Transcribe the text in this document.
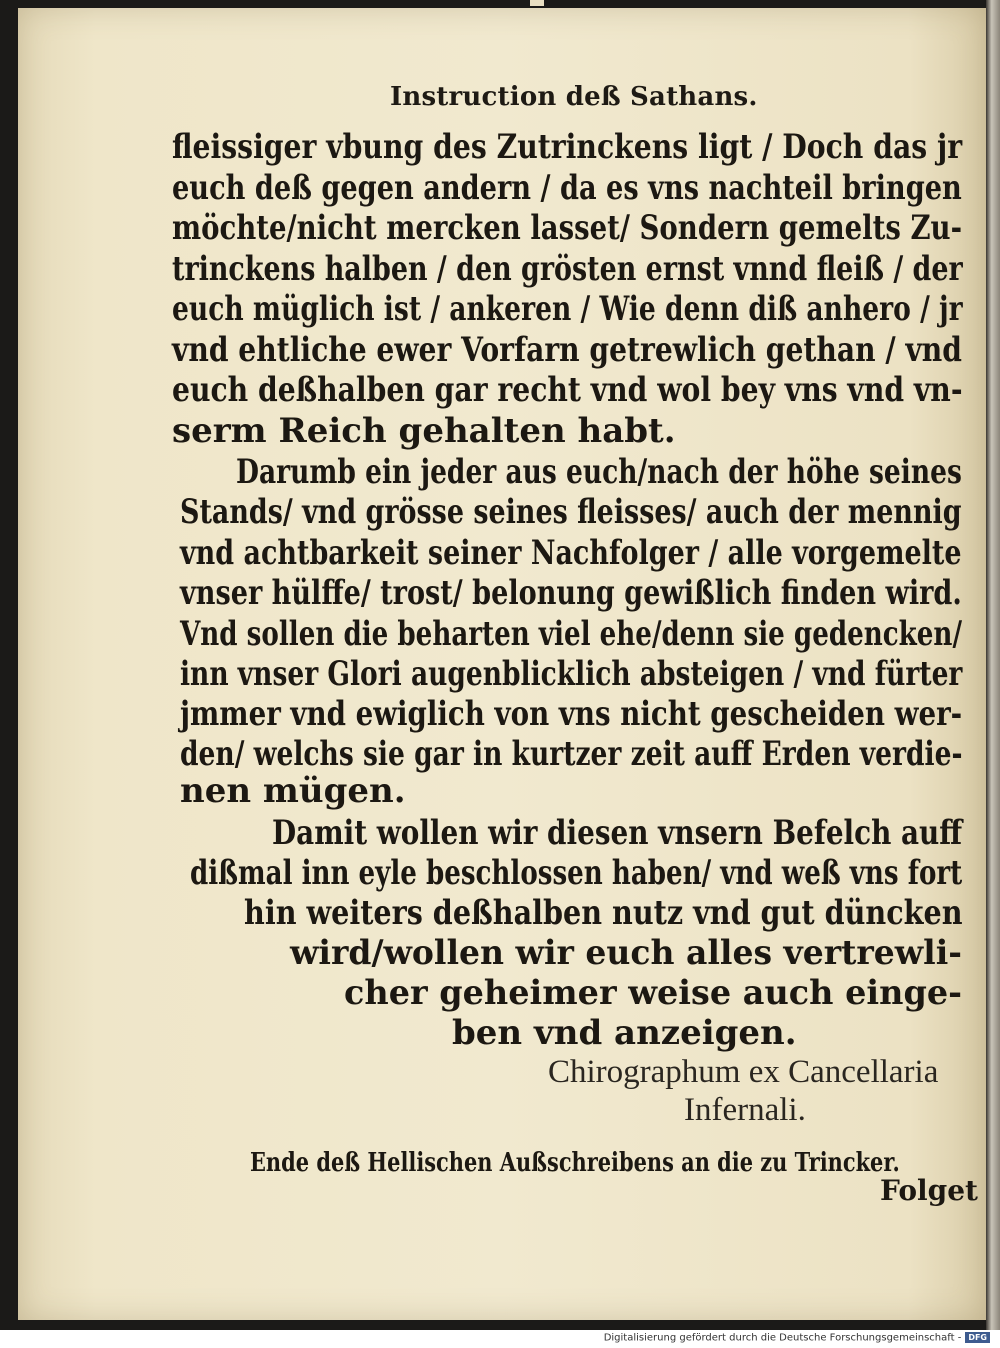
Instruction deß Sathans.
fleissiger vbung des Zutrinckens ligt / Doch das jr
euch deß gegen andern / da es vns nachteil bringen
möchte/nicht mercken lasset/ Sondern gemelts Zu-
trinckens halben / den grösten ernst vnnd fleiß / der
euch müglich ist / ankeren / Wie denn diß anhero / jr
vnd ehtliche ewer Vorfarn getrewlich gethan / vnd
euch deßhalben gar recht vnd wol bey vns vnd vn-
serm Reich gehalten habt.
Darumb ein jeder aus euch/nach der höhe seines
Stands/ vnd grösse seines fleisses/ auch der mennig
vnd achtbarkeit seiner Nachfolger / alle vorgemelte
vnser hülffe/ trost/ belonung gewißlich finden wird.
Vnd sollen die beharten viel ehe/denn sie gedencken/
inn vnser Glori augenblicklich absteigen / vnd fürter
jmmer vnd ewiglich von vns nicht gescheiden wer-
den/ welchs sie gar in kurtzer zeit auff Erden verdie-
nen mügen.
Damit wollen wir diesen vnsern Befelch auff
dißmal inn eyle beschlossen haben/ vnd weß vns fort
hin weiters deßhalben nutz vnd gut düncken
wird/wollen wir euch alles vertrewli-
cher geheimer weise auch einge-
ben vnd anzeigen.
Chirographum ex Cancellaria
Infernali.
Ende deß Hellischen Außschreibens an die zu Trincker.
Folget
Digitalisierung gefördert durch die Deutsche Forschungsgemeinschaft - DFG
